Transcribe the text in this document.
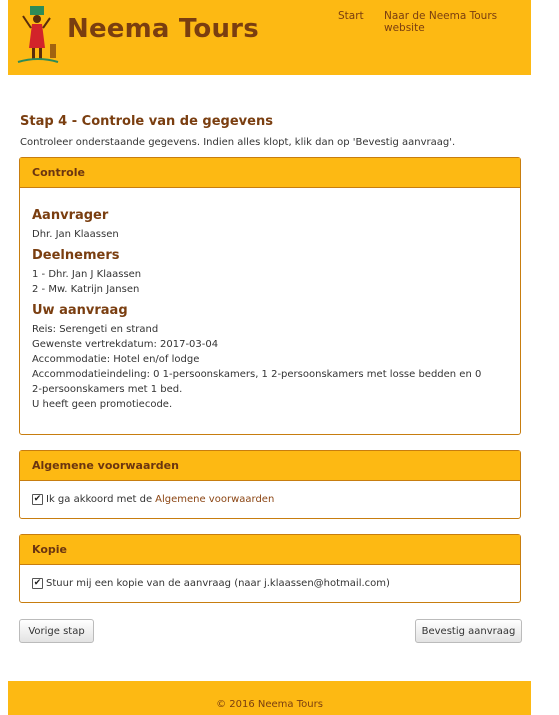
Neema Tours	Start Naar de Neema Tours website
Stap 4 - Controle van de gegevens
Controleer onderstaande gegevens. Indien alles klopt, klik dan op 'Bevestig aanvraag'.
Controle
Aanvrager
Dhr. Jan Klaassen
Deelnemers
1 - Dhr. Jan J Klaassen
2 - Mw. Katrijn Jansen
Uw aanvraag
Reis: Serengeti en strand
Gewenste vertrekdatum: 2017-03-04
Accommodatie: Hotel en/of lodge
Accommodatieindeling: 0 1-persoonskamers, 1 2-persoonskamers met losse bedden en 0
2-persoonskamers met 1 bed.
U heeft geen promotiecode.
Algemene voorwaarden
✔ Ik ga akkoord met de Algemene voorwaarden
Kopie
✔ Stuur mij een kopie van de aanvraag (naar j.klaassen@hotmail.com)
Vorige stap	Bevestig aanvraag
© 2016 Neema Tours
